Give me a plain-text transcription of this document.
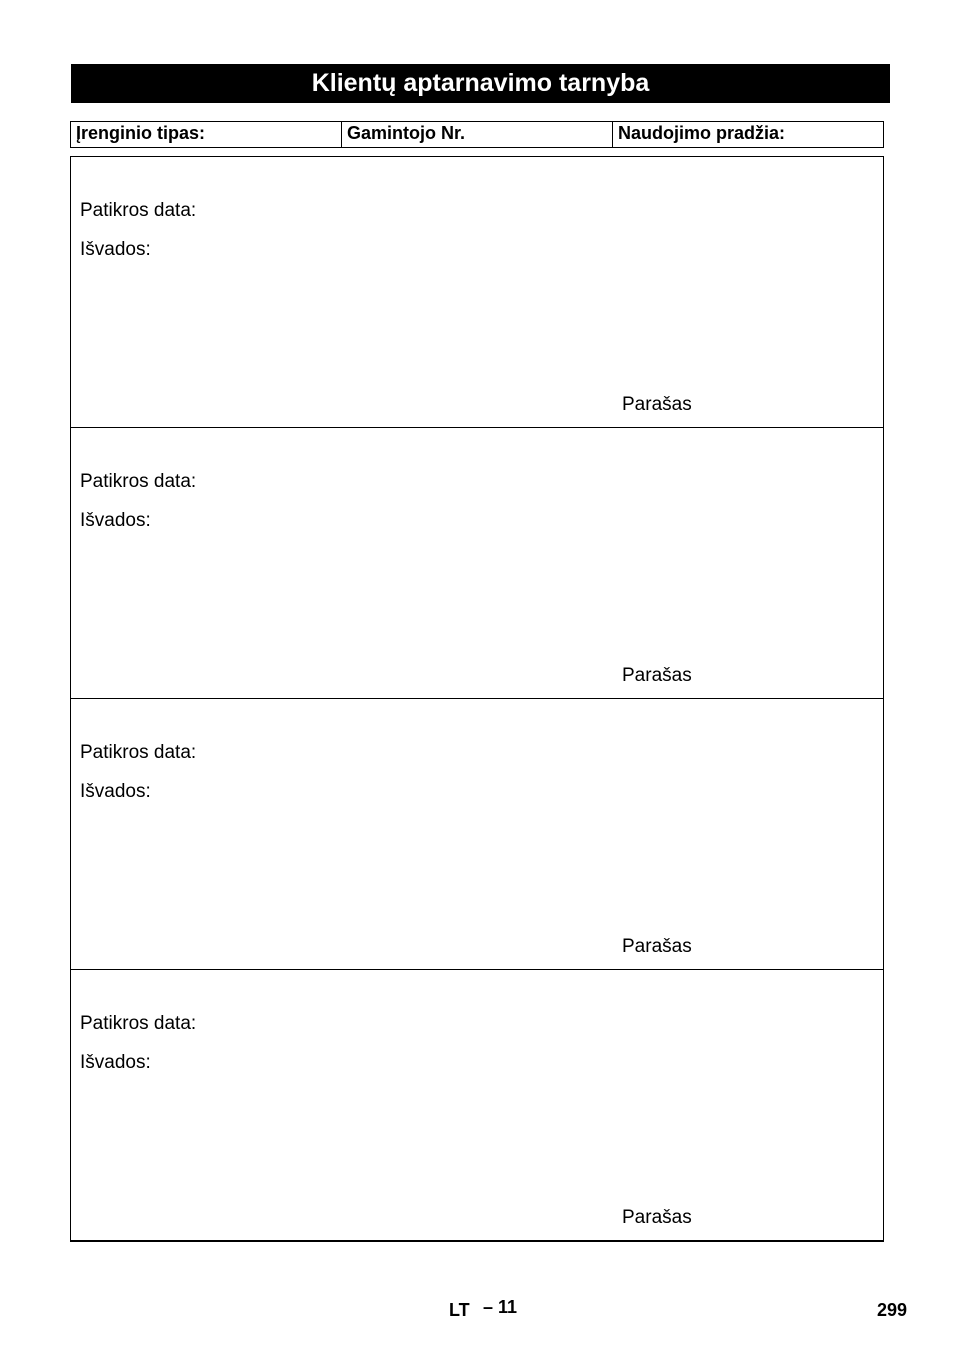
Klientų aptarnavimo tarnyba
Įrenginio tipas:	Gamintojo Nr.	Naudojimo pradžia:
Patikros data:
Išvados:
Parašas
Patikros data:
Išvados:
Parašas
Patikros data:
Išvados:
Parašas
Patikros data:
Išvados:
Parašas
LT – 11	299
